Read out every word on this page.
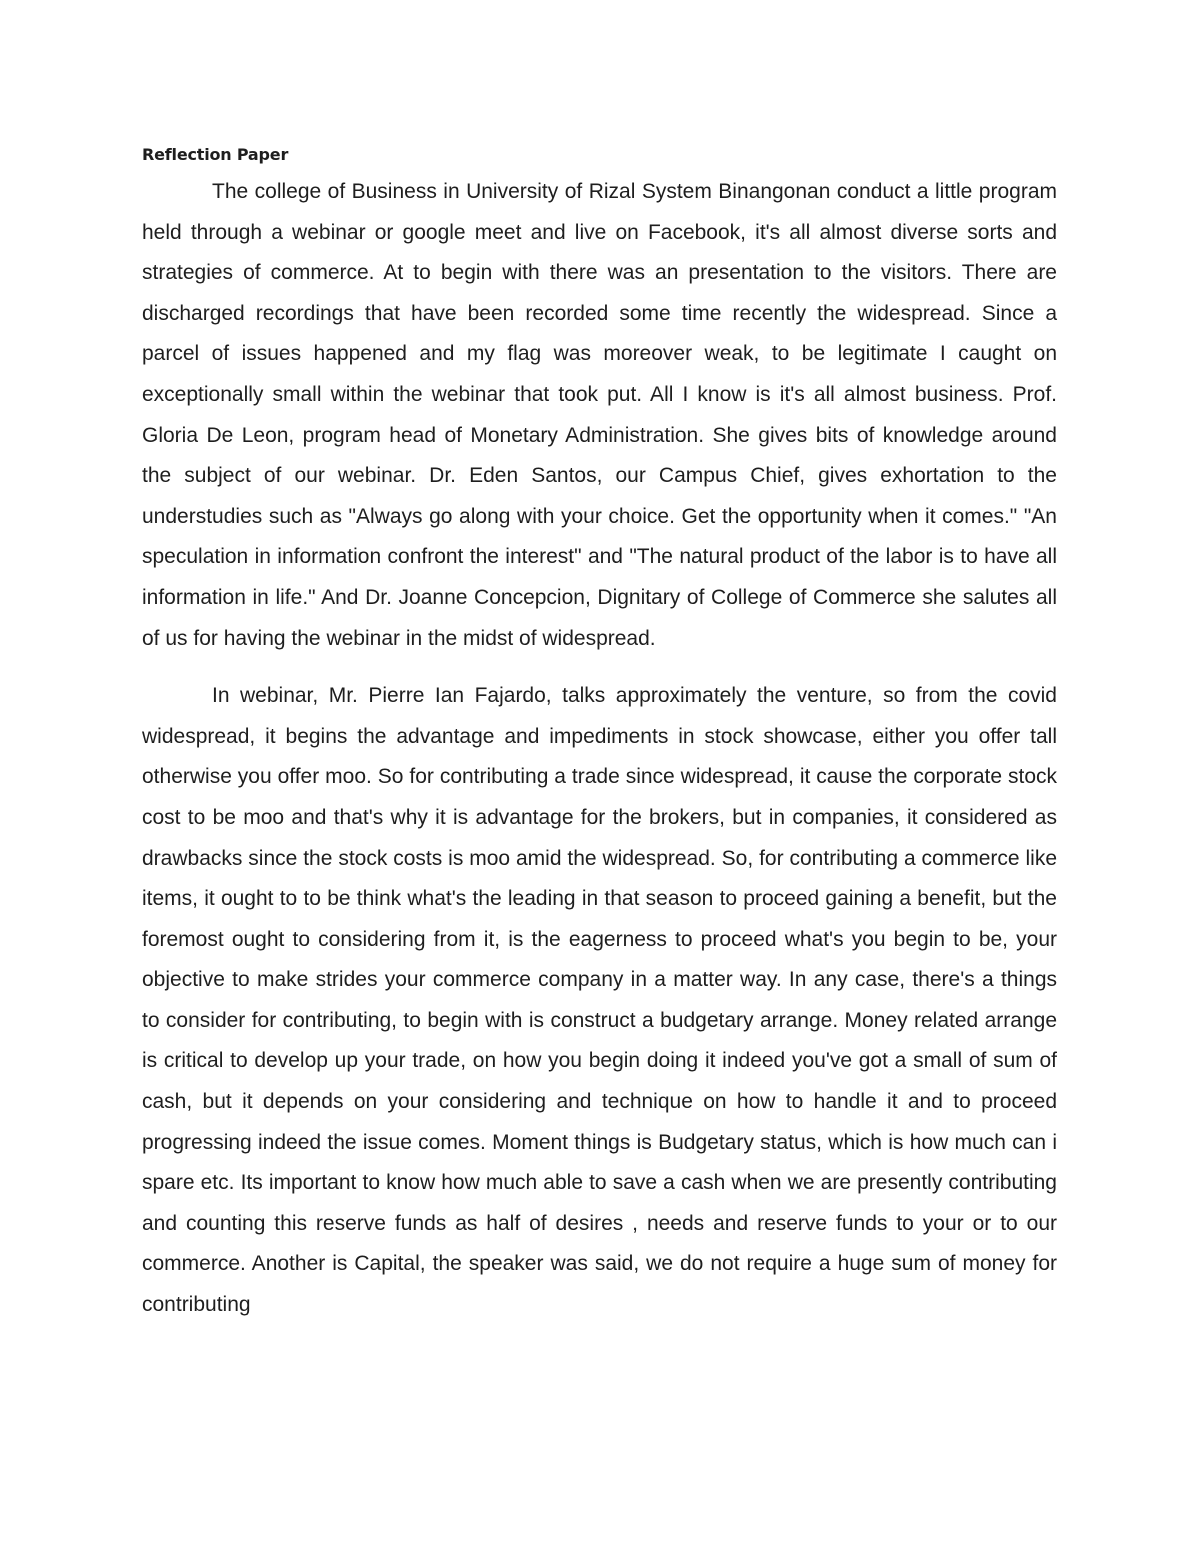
Reflection Paper

The college of Business in University of Rizal System Binangonan conduct a little program held through a webinar or google meet and live on Facebook, it's all almost diverse sorts and strategies of commerce. At to begin with there was an presentation to the visitors. There are discharged recordings that have been recorded some time recently the widespread. Since a parcel of issues happened and my flag was moreover weak, to be legitimate I caught on exceptionally small within the webinar that took put. All I know is it's all almost business. Prof. Gloria De Leon, program head of Monetary Administration. She gives bits of knowledge around the subject of our webinar. Dr. Eden Santos, our Campus Chief, gives exhortation to the understudies such as "Always go along with your choice. Get the opportunity when it comes." "An speculation in information confront the interest" and "The natural product of the labor is to have all information in life." And Dr. Joanne Concepcion, Dignitary of College of Commerce she salutes all of us for having the webinar in the midst of widespread.

In webinar, Mr. Pierre Ian Fajardo, talks approximately the venture, so from the covid widespread, it begins the advantage and impediments in stock showcase, either you offer tall otherwise you offer moo. So for contributing a trade since widespread, it cause the corporate stock cost to be moo and that's why it is advantage for the brokers, but in companies, it considered as drawbacks since the stock costs is moo amid the widespread. So, for contributing a commerce like items, it ought to to be think what's the leading in that season to proceed gaining a benefit, but the foremost ought to considering from it, is the eagerness to proceed what's you begin to be, your objective to make strides your commerce company in a matter way. In any case, there's a things to consider for contributing, to begin with is construct a budgetary arrange. Money related arrange is critical to develop up your trade, on how you begin doing it indeed you've got a small of sum of cash, but it depends on your considering and technique on how to handle it and to proceed progressing indeed the issue comes. Moment things is Budgetary status, which is how much can i spare etc. Its important to know how much able to save a cash when we are presently contributing and counting this reserve funds as half of desires , needs and reserve funds to your or to our commerce. Another is Capital, the speaker was said, we do not require a huge sum of money for contributing
